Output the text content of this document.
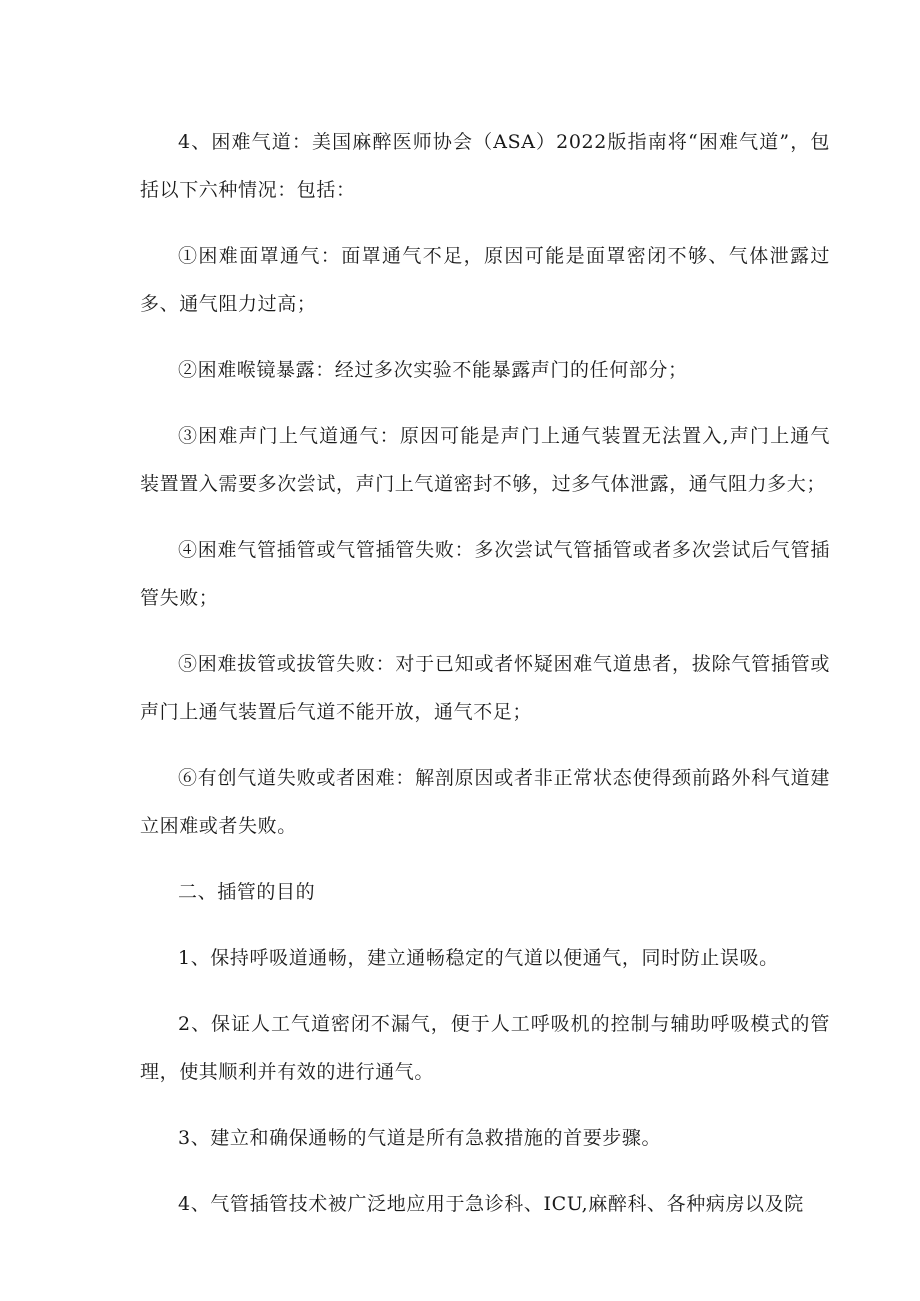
4、困难气道：美国麻醉医师协会（ASA）2022版指南将“困难气道”，包括以下六种情况：包括：

①困难面罩通气：面罩通气不足，原因可能是面罩密闭不够、气体泄露过多、通气阻力过高；

②困难喉镜暴露：经过多次实验不能暴露声门的任何部分；

③困难声门上气道通气：原因可能是声门上通气装置无法置入,声门上通气装置置入需要多次尝试，声门上气道密封不够，过多气体泄露，通气阻力多大；

④困难气管插管或气管插管失败：多次尝试气管插管或者多次尝试后气管插管失败；

⑤困难拔管或拔管失败：对于已知或者怀疑困难气道患者，拔除气管插管或声门上通气装置后气道不能开放，通气不足；

⑥有创气道失败或者困难：解剖原因或者非正常状态使得颈前路外科气道建立困难或者失败。

二、插管的目的

1、保持呼吸道通畅，建立通畅稳定的气道以便通气，同时防止误吸。

2、保证人工气道密闭不漏气，便于人工呼吸机的控制与辅助呼吸模式的管理，使其顺利并有效的进行通气。

3、建立和确保通畅的气道是所有急救措施的首要步骤。

4、气管插管技术被广泛地应用于急诊科、ICU,麻醉科、各种病房以及院
